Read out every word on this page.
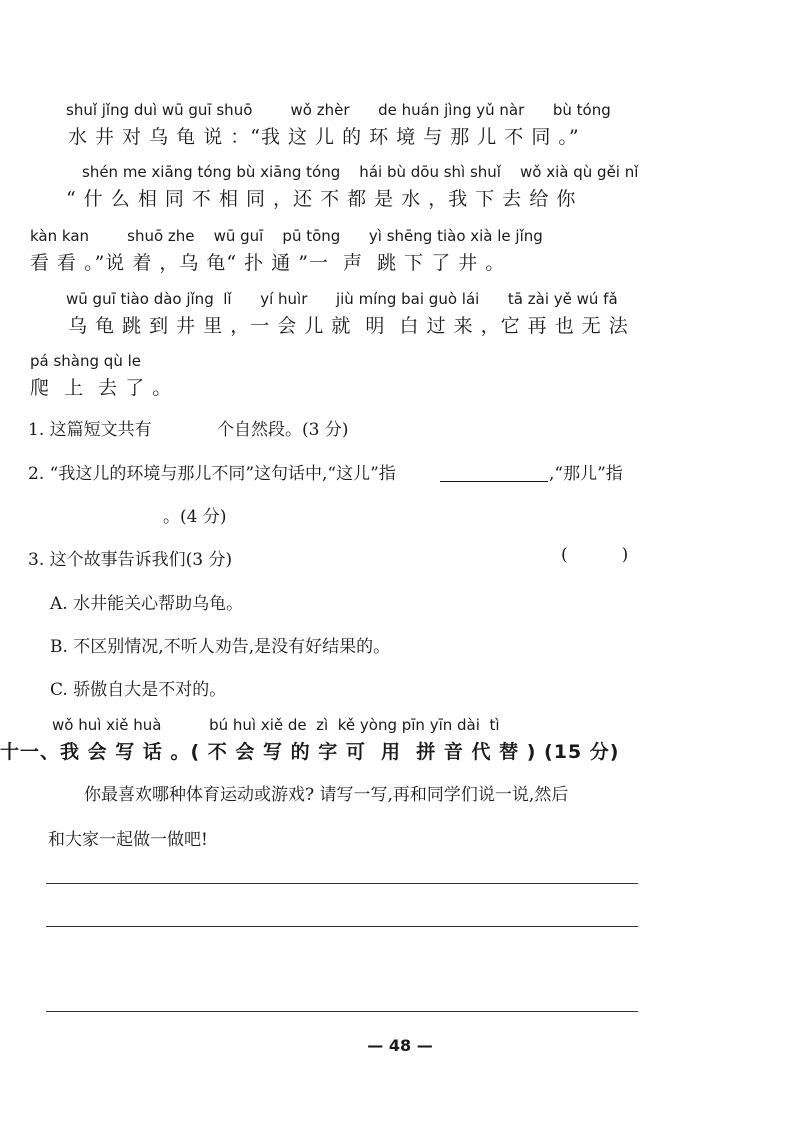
shuǐ jǐng duì wū guī shuō        wǒ zhèr      de huán jìng yǔ nàr      bù tóng
水 井 对 乌 龟 说 ：“我 这 儿 的 环 境 与 那 儿 不 同 。”
shén me xiāng tóng bù xiāng tóng    hái bù dōu shì shuǐ    wǒ xià qù gěi nǐ
“ 什 么 相 同 不 相 同 ，还 不 都 是 水 ，我 下 去 给 你
kàn kan        shuō zhe    wū guī    pū tōng      yì shēng tiào xià le jǐng
看 看 。”说 着 ，乌 龟“ 扑 通 ”一  声  跳 下 了 井 。
wū guī tiào dào jǐng  lǐ      yí huìr      jiù míng bai guò lái      tā zài yě wú fǎ
乌 龟 跳 到 井 里 ，一 会 儿 就  明  白 过 来 ，它 再 也 无 法
pá shàng qù le
爬  上  去 了 。
1. 这篇短文共有	个自然段。(3 分)
2. “我这儿的环境与那儿不同”这句话中,“这儿”指	,“那儿”指
。(4 分)
3. 这个故事告诉我们(3 分)	(          )
A. 水井能关心帮助乌龟。
B. 不区别情况,不听人劝告,是没有好结果的。
C. 骄傲自大是不对的。
wǒ huì xiě huà          bú huì xiě de  zì  kě yòng pīn yīn dài  tì
十一、我 会 写 话 。( 不 会 写 的 字 可  用  拼 音 代 替 ) (15 分)
你最喜欢哪种体育运动或游戏? 请写一写,再和同学们说一说,然后
和大家一起做一做吧!
— 48 —
